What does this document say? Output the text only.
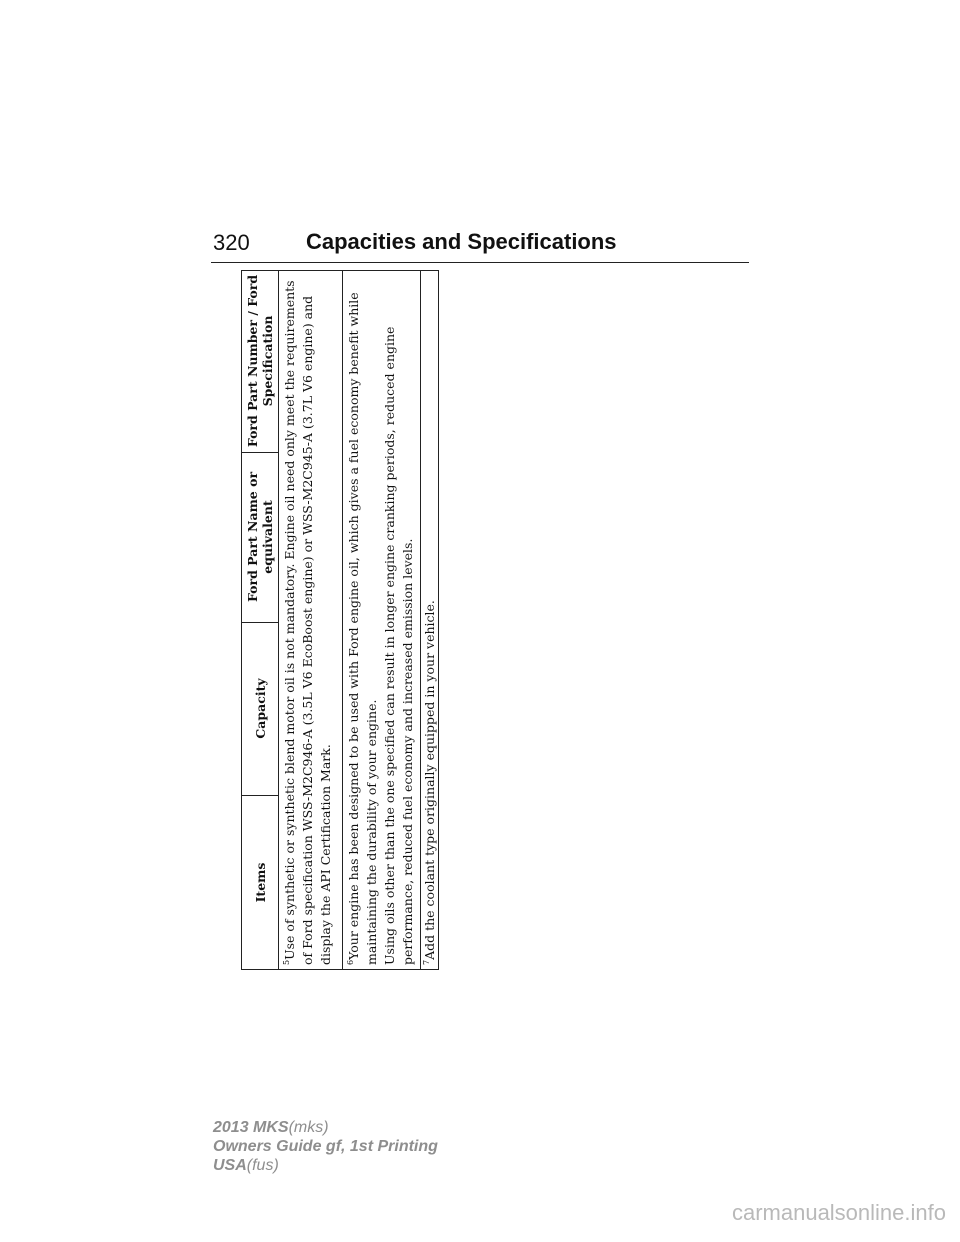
320	Capacities and Specifications
Items
Capacity
Ford Part Name or equivalent
Ford Part Number / Ford Specification

$^5$Use of synthetic or synthetic blend motor oil is not mandatory. Engine oil need only meet the requirements of Ford specification WSS-M2C946-A (3.5L V6 EcoBoost engine) or WSS-M2C945-A (3.7L V6 engine) and display the API Certification Mark. $^6$Your engine has been designed to be used with Ford engine oil, which gives a fuel economy benefit while maintaining the durability of your engine. Using oils other than the one specified can result in longer engine cranking periods, reduced engine performance, reduced fuel economy and increased emission levels. $^7$Add the coolant type originally equipped in your vehicle.

2013 MKS(mks)
Owners Guide gf, 1st Printing
USA(fus)
carmanualsonline.info
